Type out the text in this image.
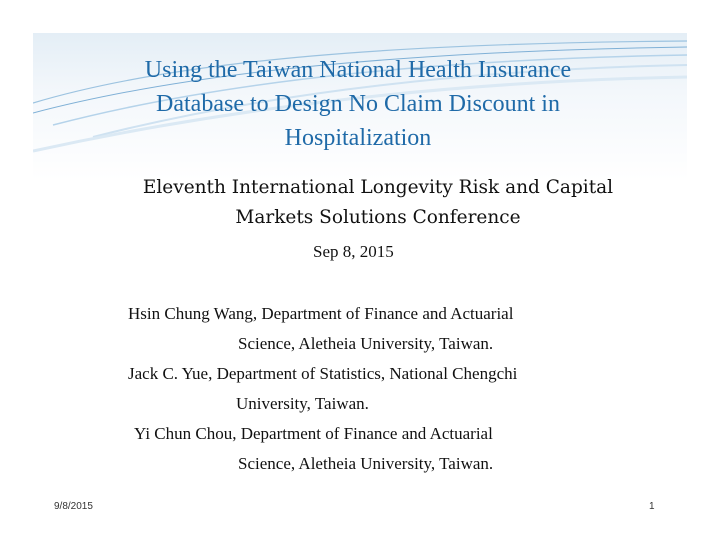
Using the Taiwan National Health Insurance
Database to Design No Claim Discount in
Hospitalization
Eleventh International Longevity Risk and Capital
Markets Solutions Conference
Sep 8, 2015
Hsin Chung Wang, Department of Finance and Actuarial
Science, Aletheia University, Taiwan.
Jack C. Yue, Department of Statistics, National Chengchi
University, Taiwan.
Yi Chun Chou, Department of Finance and Actuarial
Science, Aletheia University, Taiwan.
9/8/2015	1
